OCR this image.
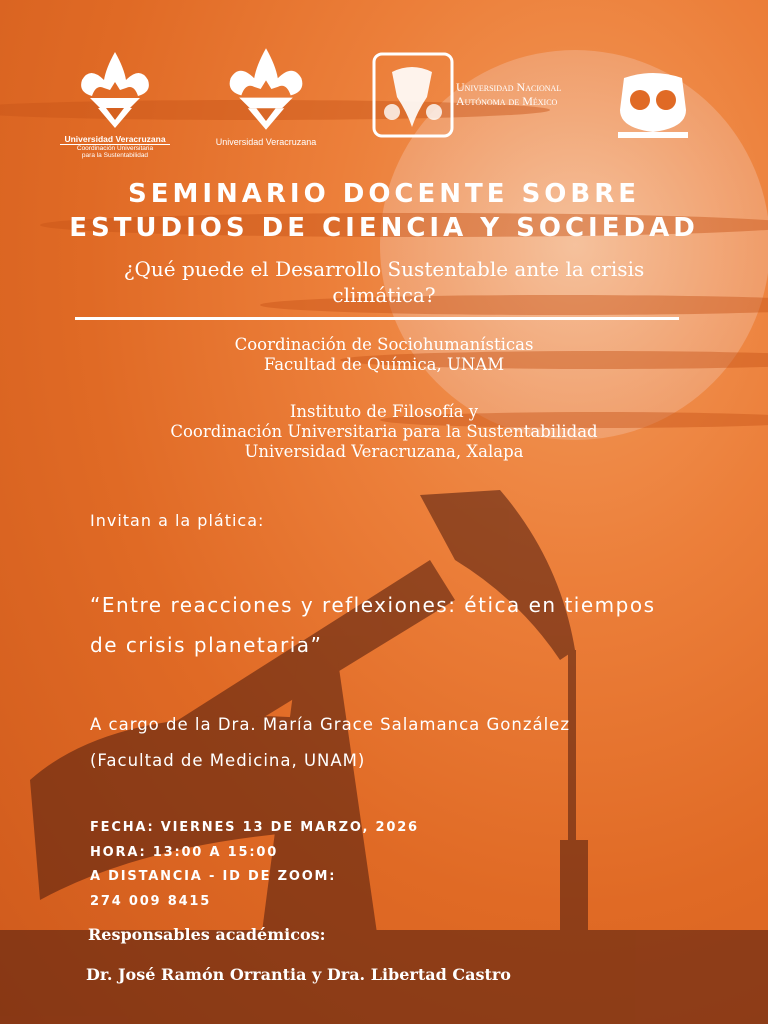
Universidad Veracruzana
Coordinación Universitaria
para la Sustentabilidad
Universidad Veracruzana
Universidad Nacional
Autónoma de México
SEMINARIO DOCENTE SOBRE
ESTUDIOS DE CIENCIA Y SOCIEDAD
¿Qué puede el Desarrollo Sustentable ante la crisis
climática?
Coordinación de Sociohumanísticas
Facultad de Química, UNAM
Instituto de Filosofía y
Coordinación Universitaria para la Sustentabilidad
Universidad Veracruzana, Xalapa
Invitan a la plática:
“Entre reacciones y reflexiones: ética en tiempos
de crisis planetaria”
A cargo de la Dra. María Grace Salamanca González
(Facultad de Medicina, UNAM)
FECHA: VIERNES 13 DE MARZO, 2026
HORA: 13:00 A 15:00
A DISTANCIA - ID DE ZOOM:
274 009 8415
Responsables académicos:
Dr. José Ramón Orrantia y Dra. Libertad Castro
